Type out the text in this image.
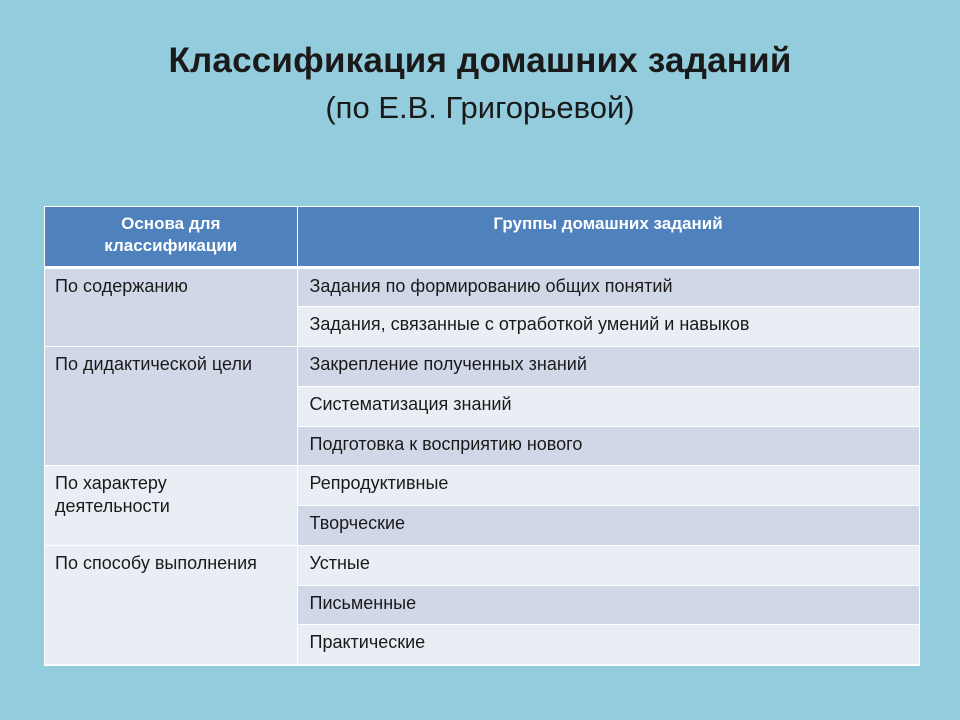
Классификация домашних заданий
(по Е.В. Григорьевой)
Основа для классификации	Группы домашних заданий
По содержанию	Задания по формированию общих понятий
	Задания, связанные с отработкой умений и навыков
По дидактической цели	Закрепление полученных знаний
	Систематизация знаний
	Подготовка к восприятию нового
По характеру деятельности	Репродуктивные
	Творческие
По способу выполнения	Устные
	Письменные
	Практические
